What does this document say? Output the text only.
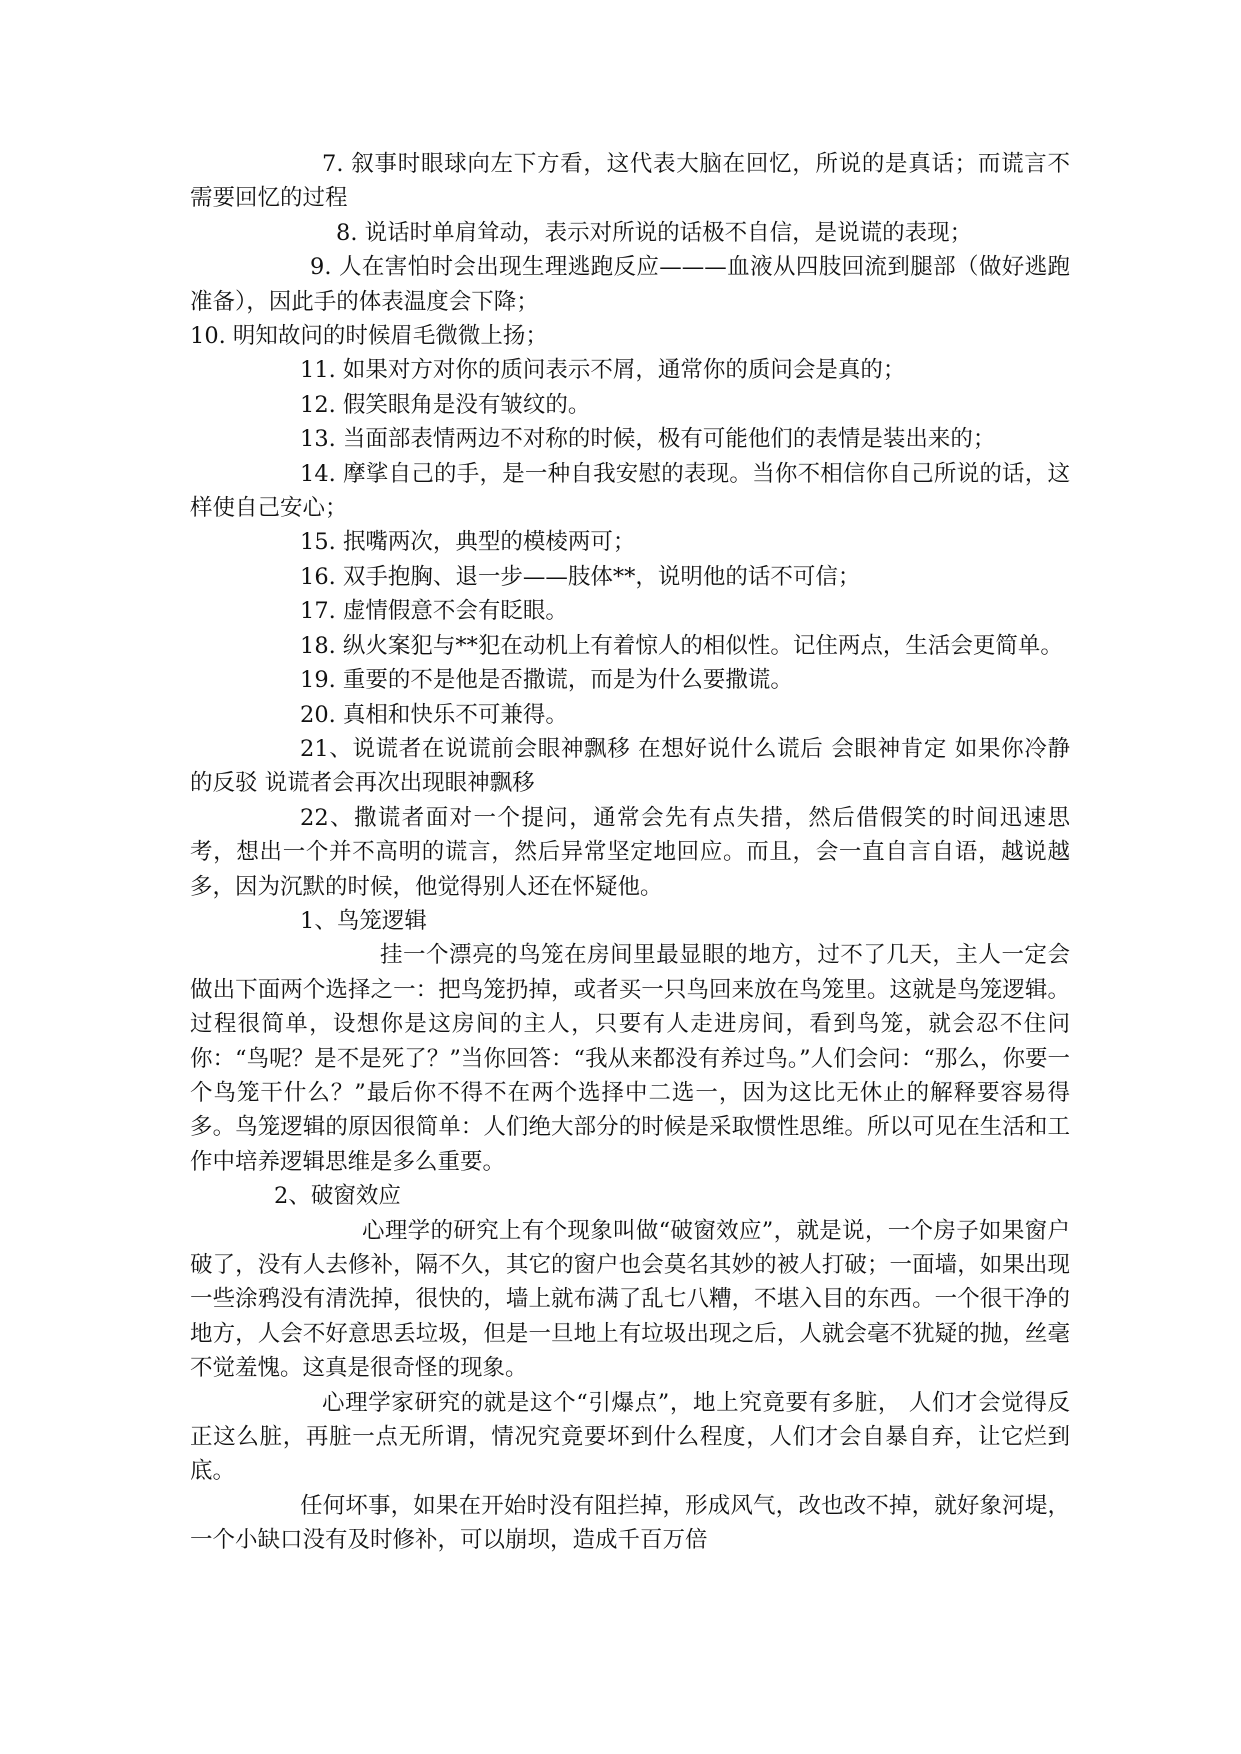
7. 叙事时眼球向左下方看，这代表大脑在回忆，所说的是真话；而谎言不需要回忆的过程

8. 说话时单肩耸动，表示对所说的话极不自信，是说谎的表现；

9. 人在害怕时会出现生理逃跑反应———血液从四肢回流到腿部（做好逃跑准备），因此手的体表温度会下降；

10. 明知故问的时候眉毛微微上扬；

11. 如果对方对你的质问表示不屑，通常你的质问会是真的；

12. 假笑眼角是没有皱纹的。

13. 当面部表情两边不对称的时候，极有可能他们的表情是装出来的；

14. 摩挲自己的手，是一种自我安慰的表现。当你不相信你自己所说的话，这样使自己安心；

15. 抿嘴两次，典型的模棱两可；

16. 双手抱胸、退一步——肢体**，说明他的话不可信；

17. 虚情假意不会有眨眼。

18. 纵火案犯与**犯在动机上有着惊人的相似性。记住两点，生活会更简单。

19. 重要的不是他是否撒谎，而是为什么要撒谎。

20. 真相和快乐不可兼得。

21、说谎者在说谎前会眼神飘移 在想好说什么谎后 会眼神肯定 如果你冷静的反驳 说谎者会再次出现眼神飘移

22、撒谎者面对一个提问，通常会先有点失措，然后借假笑的时间迅速思考，想出一个并不高明的谎言，然后异常坚定地回应。而且，会一直自言自语，越说越多，因为沉默的时候，他觉得别人还在怀疑他。

1、鸟笼逻辑

挂一个漂亮的鸟笼在房间里最显眼的地方，过不了几天，主人一定会做出下面两个选择之一：把鸟笼扔掉，或者买一只鸟回来放在鸟笼里。这就是鸟笼逻辑。过程很简单，设想你是这房间的主人，只要有人走进房间，看到鸟笼，就会忍不住问你：“鸟呢？是不是死了？”当你回答：“我从来都没有养过鸟。”人们会问：“那么，你要一个鸟笼干什么？”最后你不得不在两个选择中二选一，因为这比无休止的解释要容易得多。鸟笼逻辑的原因很简单：人们绝大部分的时候是采取惯性思维。所以可见在生活和工作中培养逻辑思维是多么重要。

2、破窗效应

心理学的研究上有个现象叫做“破窗效应”，就是说，一个房子如果窗户破了，没有人去修补，隔不久，其它的窗户也会莫名其妙的被人打破；一面墙，如果出现一些涂鸦没有清洗掉，很快的，墙上就布满了乱七八糟，不堪入目的东西。一个很干净的地方，人会不好意思丢垃圾，但是一旦地上有垃圾出现之后，人就会毫不犹疑的抛，丝毫不觉羞愧。这真是很奇怪的现象。

心理学家研究的就是这个“引爆点”，地上究竟要有多脏， 人们才会觉得反正这么脏，再脏一点无所谓，情况究竟要坏到什么程度，人们才会自暴自弃，让它烂到底。

任何坏事，如果在开始时没有阻拦掉，形成风气，改也改不掉，就好象河堤，一个小缺口没有及时修补，可以崩坝，造成千百万倍
